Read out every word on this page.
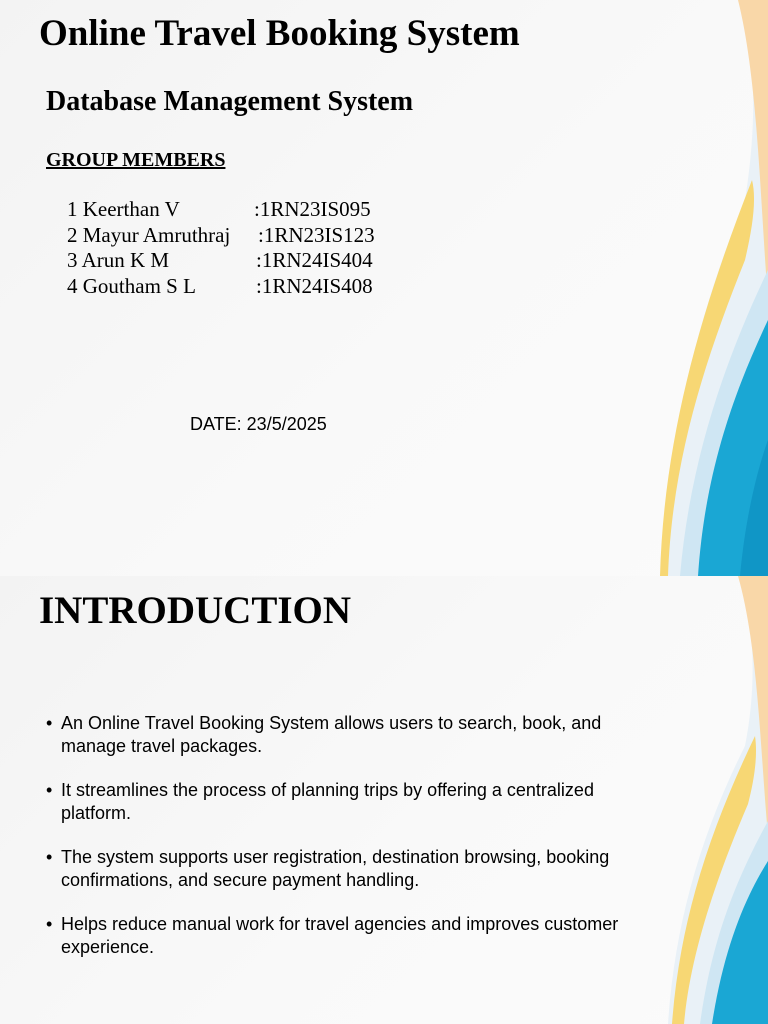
Online Travel Booking System
Database Management System
GROUP MEMBERS
1 Keerthan V	:1RN23IS095
2 Mayur Amruthraj :1RN23IS123
3 Arun K M	:1RN24IS404
4 Goutham S L	:1RN24IS408
DATE: 23/5/2025
INTRODUCTION
• An Online Travel Booking System allows users to search, book, and manage travel packages.
• It streamlines the process of planning trips by offering a centralized platform.
• The system supports user registration, destination browsing, booking confirmations, and secure payment handling.
• Helps reduce manual work for travel agencies and improves customer experience.
